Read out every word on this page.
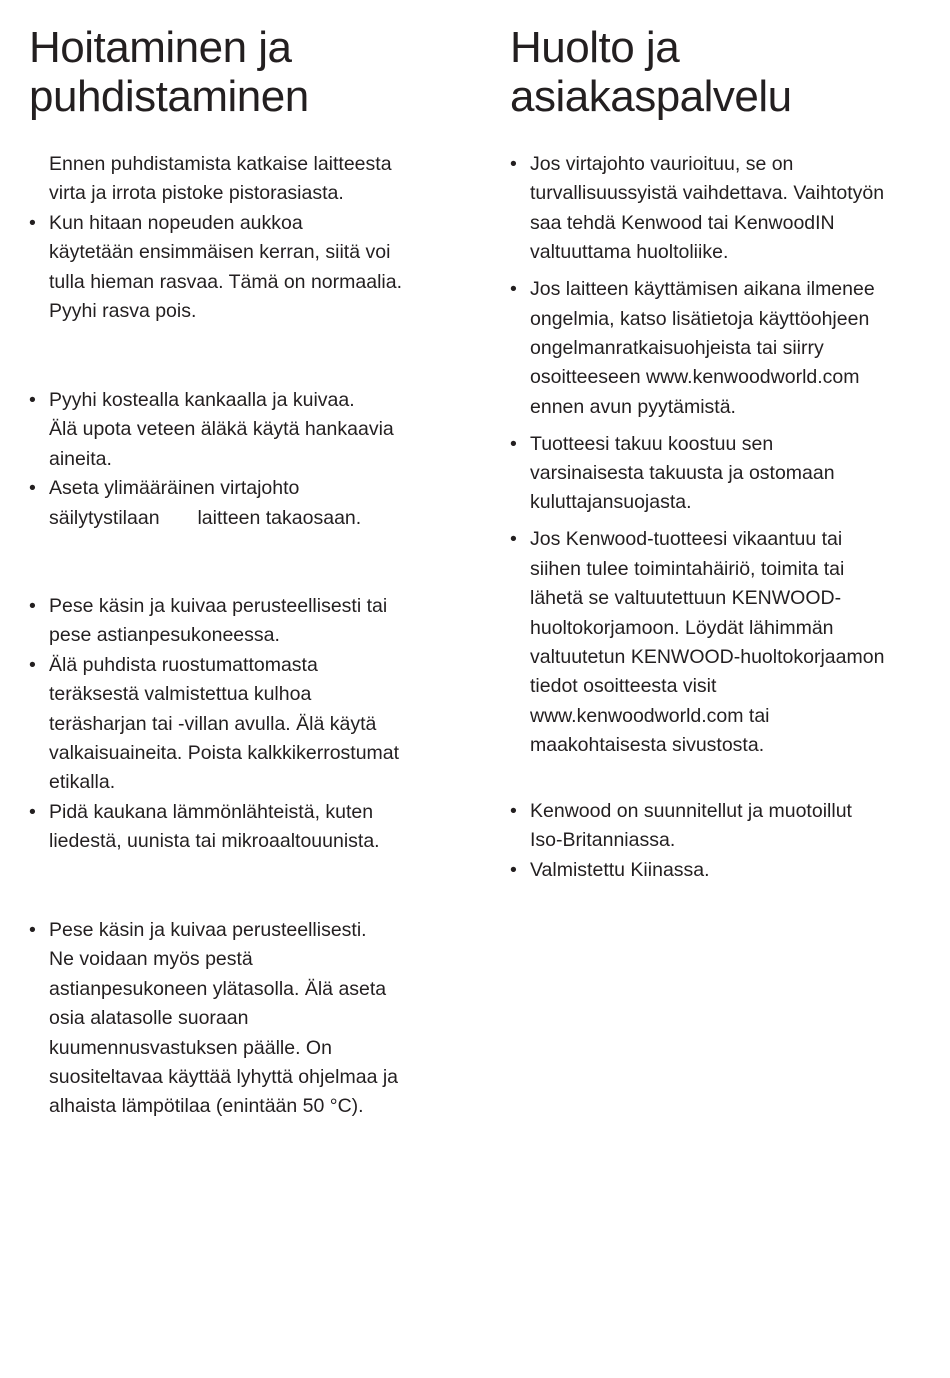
Hoitaminen ja
puhdistaminen
Ennen puhdistamista katkaise laitteesta
virta ja irrota pistoke pistorasiasta.
• Kun hitaan nopeuden aukkoa
käytetään ensimmäisen kerran, siitä voi
tulla hieman rasvaa. Tämä on normaalia.
Pyyhi rasva pois.
• Pyyhi kostealla kankaalla ja kuivaa.
Älä upota veteen äläkä käytä hankaavia
aineita.
• Aseta ylimääräinen virtajohto
säilytystilaan       laitteen takaosaan.
• Pese käsin ja kuivaa perusteellisesti tai
pese astianpesukoneessa.
• Älä puhdista ruostumattomasta
teräksestä valmistettua kulhoa
teräsharjan tai -villan avulla. Älä käytä
valkaisuaineita. Poista kalkkikerrostumat
etikalla.
• Pidä kaukana lämmönlähteistä, kuten
liedestä, uunista tai mikroaaltouunista.
• Pese käsin ja kuivaa perusteellisesti.
Ne voidaan myös pestä
astianpesukoneen ylätasolla. Älä aseta
osia alatasolle suoraan
kuumennusvastuksen päälle. On
suositeltavaa käyttää lyhyttä ohjelmaa ja
alhaista lämpötilaa (enintään 50 °C).
Huolto ja
asiakaspalvelu
• Jos virtajohto vaurioituu, se on
turvallisuussyistä vaihdettava. Vaihtotyön
saa tehdä Kenwood tai KenwoodIN
valtuuttama huoltoliike.
• Jos laitteen käyttämisen aikana ilmenee
ongelmia, katso lisätietoja käyttöohjeen
ongelmanratkaisuohjeista tai siirry
osoitteeseen www.kenwoodworld.com
ennen avun pyytämistä.
• Tuotteesi takuu koostuu sen
varsinaisesta takuusta ja ostomaan
kuluttajansuojasta.
• Jos Kenwood-tuotteesi vikaantuu tai
siihen tulee toimintahäiriö, toimita tai
lähetä se valtuutettuun KENWOOD-
huoltokorjamoon. Löydät lähimmän
valtuutetun KENWOOD-huoltokorjaamon
tiedot osoitteesta visit
www.kenwoodworld.com tai
maakohtaisesta sivustosta.
• Kenwood on suunnitellut ja muotoillut
Iso-Britanniassa.
• Valmistettu Kiinassa.
